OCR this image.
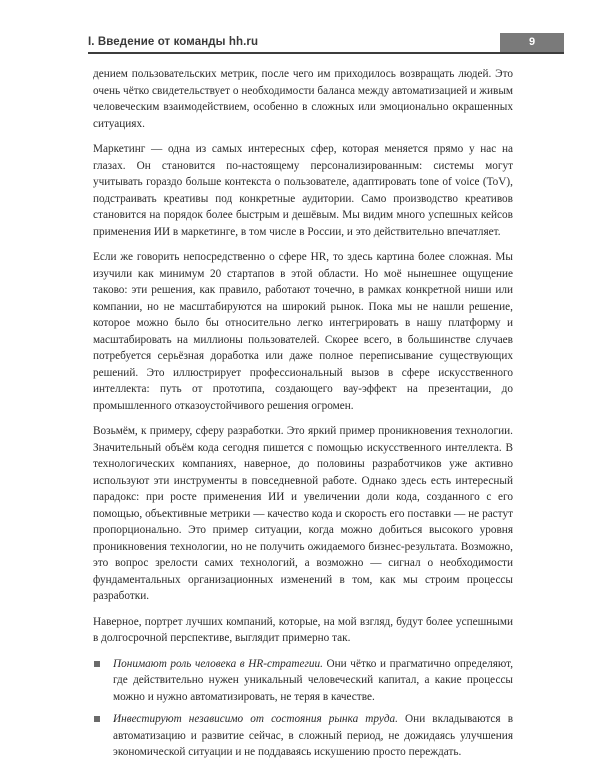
I. Введение от команды hh.ru	9

дением пользовательских метрик, после чего им приходилось возвращать людей. Это очень чётко свидетельствует о необходимости баланса между автоматизацией и живым человеческим взаимодействием, особенно в сложных или эмоционально окрашенных ситуациях.

Маркетинг — одна из самых интересных сфер, которая меняется прямо у нас на глазах. Он становится по-настоящему персонализированным: системы могут учитывать гораздо больше контекста о пользователе, адаптировать tone of voice (ToV), подстраивать креативы под конкретные аудитории. Само производство креативов становится на порядок более быстрым и дешёвым. Мы видим много успешных кейсов применения ИИ в маркетинге, в том числе в России, и это действительно впечатляет.

Если же говорить непосредственно о сфере HR, то здесь картина более сложная. Мы изучили как минимум 20 стартапов в этой области. Но моё нынешнее ощущение таково: эти решения, как правило, работают точечно, в рамках конкретной ниши или компании, но не масштабируются на широкий рынок. Пока мы не нашли решение, которое можно было бы относительно легко интегрировать в нашу платформу и масштабировать на миллионы пользователей. Скорее всего, в большинстве случаев потребуется серьёзная доработка или даже полное переписывание существующих решений. Это иллюстрирует профессиональный вызов в сфере искусственного интеллекта: путь от прототипа, создающего вау-эффект на презентации, до промышленного отказоустойчивого решения огромен.

Возьмём, к примеру, сферу разработки. Это яркий пример проникновения технологии. Значительный объём кода сегодня пишется с помощью искусственного интеллекта. В технологических компаниях, наверное, до половины разработчиков уже активно используют эти инструменты в повседневной работе. Однако здесь есть интересный парадокс: при росте применения ИИ и увеличении доли кода, созданного с его помощью, объективные метрики — качество кода и скорость его поставки — не растут пропорционально. Это пример ситуации, когда можно добиться высокого уровня проникновения технологии, но не получить ожидаемого бизнес-результата. Возможно, это вопрос зрелости самих технологий, а возможно — сигнал о необходимости фундаментальных организационных изменений в том, как мы строим процессы разработки.

Наверное, портрет лучших компаний, которые, на мой взгляд, будут более успешными в долгосрочной перспективе, выглядит примерно так.

Понимают роль человека в HR-стратегии. Они чётко и прагматично определяют, где действительно нужен уникальный человеческий капитал, а какие процессы можно и нужно автоматизировать, не теряя в качестве.
Инвестируют независимо от состояния рынка труда. Они вкладываются в автоматизацию и развитие сейчас, в сложный период, не дожидаясь улучшения экономической ситуации и не поддаваясь искушению просто переждать.
